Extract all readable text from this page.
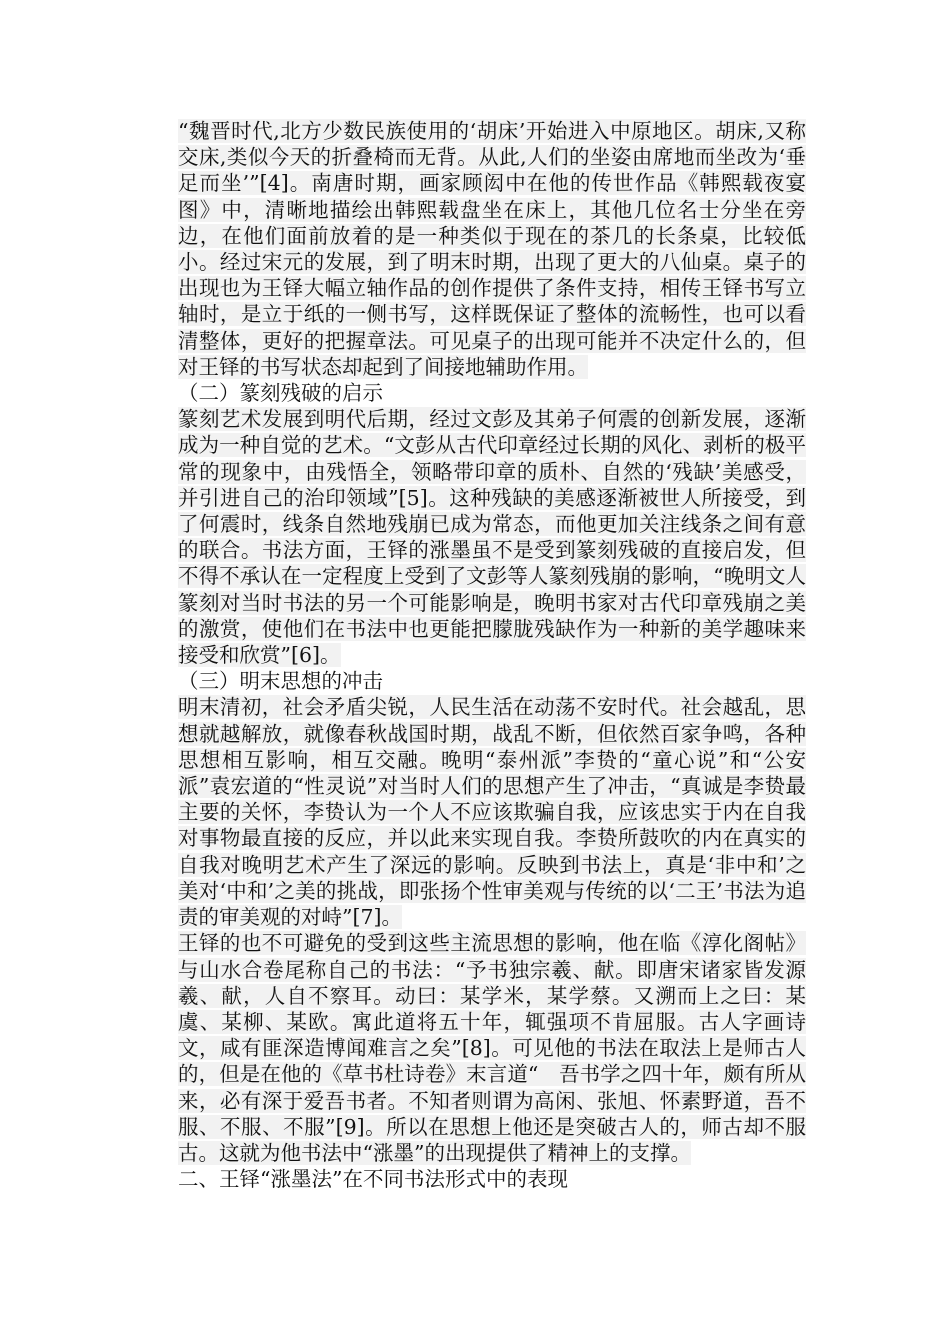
“魏晋时代,北方少数民族使用的‘胡床’开始进入中原地区。胡床,又称交床,类似今天的折叠椅而无背。从此,人们的坐姿由席地而坐改为‘垂足而坐’”[4]。南唐时期，画家顾闳中在他的传世作品《韩熙载夜宴图》中，清晰地描绘出韩熙载盘坐在床上，其他几位名士分坐在旁边，在他们面前放着的是一种类似于现在的茶几的长条桌，比较低小。经过宋元的发展，到了明末时期，出现了更大的八仙桌。桌子的出现也为王铎大幅立轴作品的创作提供了条件支持，相传王铎书写立轴时，是立于纸的一侧书写，这样既保证了整体的流畅性，也可以看清整体，更好的把握章法。可见桌子的出现可能并不决定什么的，但对王铎的书写状态却起到了间接地辅助作用。

（二）篆刻残破的启示

篆刻艺术发展到明代后期，经过文彭及其弟子何震的创新发展，逐渐成为一种自觉的艺术。“文彭从古代印章经过长期的风化、剥析的极平常的现象中，由残悟全，领略带印章的质朴、自然的‘残缺’美感受，并引进自己的治印领域”[5]。这种残缺的美感逐渐被世人所接受，到了何震时，线条自然地残崩已成为常态，而他更加关注线条之间有意的联合。书法方面，王铎的涨墨虽不是受到篆刻残破的直接启发，但不得不承认在一定程度上受到了文彭等人篆刻残崩的影响，“晚明文人篆刻对当时书法的另一个可能影响是，晚明书家对古代印章残崩之美的激赏，使他们在书法中也更能把朦胧残缺作为一种新的美学趣味来接受和欣赏”[6]。

（三）明末思想的冲击

明末清初，社会矛盾尖锐，人民生活在动荡不安时代。社会越乱，思想就越解放，就像春秋战国时期，战乱不断，但依然百家争鸣，各种思想相互影响，相互交融。晚明“泰州派”李贽的“童心说”和“公安派”袁宏道的“性灵说”对当时人们的思想产生了冲击，“真诚是李贽最主要的关怀，李贽认为一个人不应该欺骗自我，应该忠实于内在自我对事物最直接的反应，并以此来实现自我。李贽所鼓吹的内在真实的自我对晚明艺术产生了深远的影响。反映到书法上，真是‘非中和’之美对‘中和’之美的挑战，即张扬个性审美观与传统的以‘二王’书法为追责的审美观的对峙”[7]。

王铎的也不可避免的受到这些主流思想的影响，他在临《淳化阁帖》与山水合卷尾称自己的书法：“予书独宗羲、献。即唐宋诸家皆发源羲、献，人自不察耳。动曰：某学米，某学蔡。又溯而上之曰：某虞、某柳、某欧。寓此道将五十年，辄强项不肯屈服。古人字画诗文，咸有匪深造博闻难言之矣”[8]。可见他的书法在取法上是师古人的，但是在他的《草书杜诗卷》末言道“　吾书学之四十年，颇有所从来，必有深于爱吾书者。不知者则谓为高闲、张旭、怀素野道，吾不服、不服、不服”[9]。所以在思想上他还是突破古人的，师古却不服古。这就为他书法中“涨墨”的出现提供了精神上的支撑。

二、王铎“涨墨法”在不同书法形式中的表现
